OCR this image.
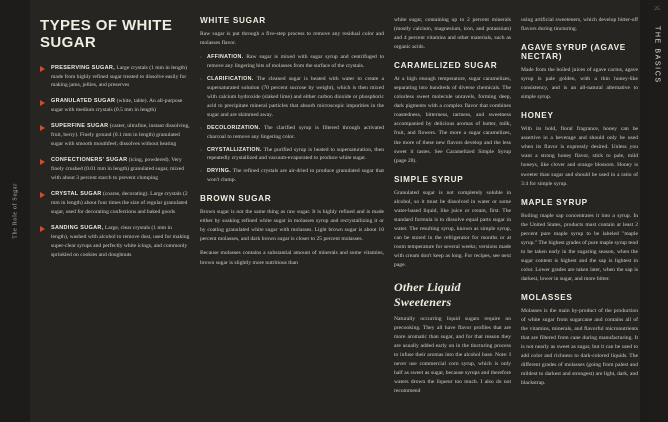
The Role of Sugar
TYPES OF WHITE SUGAR
PRESERVING SUGAR, Large crystals (1 mm in length) made from highly refined sugar treated to dissolve easily for making jams, jellies, and preserves
GRANULATED SUGAR (white, table). An all-purpose sugar with medium crystals (0.5 mm in length)
SUPERFINE SUGAR (caster, ultrafine, instant dissolving, fruit, berry). Finely ground (0.1 mm in length) granulated sugar with smooth mouthfeel; dissolves without heating
CONFECTIONERS' SUGAR (icing, powdered). Very finely crushed (0.01 mm in length) granulated sugar, mixed with about 3 percent starch to prevent clumping
CRYSTAL SUGAR (coarse, decorating). Large crystals (2 mm in length) about four times the size of regular granulated sugar, used for decorating confections and baked goods
SANDING SUGAR, Large, clear crystals (1 mm in length), washed with alcohol to remove dust, used for making super-clear syrups and perfectly white icings, and commonly sprinkled on cookies and doughnuts
WHITE SUGAR

Raw sugar is put through a five-step process to remove any residual color and molasses flavor.

› AFFINATION. Raw sugar is mixed with sugar syrup and centrifuged to remove any lingering bits of molasses from the surface of the crystals.
› CLARIFICATION. The cleaned sugar is heated with water to create a supersaturated solution (70 percent sucrose by weight), which is then mixed with calcium hydroxide (slaked lime) and either carbon dioxide or phosphoric acid to precipitate mineral particles that absorb microscopic impurities in the sugar and are skimmed away.
› DECOLORIZATION. The clarified syrup is filtered through activated charcoal to remove any lingering color.
› CRYSTALLIZATION. The purified syrup is heated to supersaturation, then repeatedly crystallized and vacuum-evaporated to produce white sugar.
› DRYING. The refined crystals are air-dried to produce granulated sugar that won't clump.
BROWN SUGAR

Brown sugar is not the same thing as raw sugar. It is highly refined and is made either by soaking refined white sugar in molasses syrup and recrystallizing it or by coating granulated white sugar with molasses. Light brown sugar is about 10 percent molasses, and dark brown sugar is closer to 25 percent molasses.

Because molasses contains a substantial amount of minerals and some vitamins, brown sugar is slightly more nutritious than

white sugar, containing up to 2 percent minerals (mostly calcium, magnesium, iron, and potassium) and 4 percent vitamins and other materials, such as organic acids.

CARAMELIZED SUGAR

At a high enough temperature, sugar caramelizes, separating into hundreds of diverse chemicals. The colorless sweet molecule unravels, forming deep, dark pigments with a complex flavor that combines roastedness, bitterness, tartness, and sweetness accompanied by delicious aromas of butter, milk, fruit, and flowers. The more a sugar caramelizes, the more of these new flavors develop and the less sweet it tastes. See Caramelized Simple Syrup (page 28).

SIMPLE SYRUP

Granulated sugar is not completely soluble in alcohol, so it must be dissolved in water or some water-based liquid, like juice or cream, first. The standard formula is to dissolve equal parts sugar in water. The resulting syrup, known as simple syrup, can be stored in the refrigerator for months or at room temperature for several weeks; versions made with cream don't keep as long. For recipes, see next page.

Other Liquid Sweeteners

Naturally occurring liquid sugars require no precooking. They all have flavor profiles that are more aromatic than sugar, and for that reason they are usually added early on in the tincturing process to infuse their aromas into the alcohol base. Note: I never use commercial corn syrup, which is only half as sweet as sugar, because syrups and therefore waters drown the liqueur too much. I also do not recommend

using artificial sweeteners, which develop bitter-off flavors during tincturing.

AGAVE SYRUP (AGAVE NECTAR)

Made from the boiled juices of agave cactus, agave syrup is pale golden, with a thin honey-like consistency, and is an all-natural alternative to simple syrup.

HONEY

With its bold, floral fragrance, honey can be assertive in a beverage and should only be used when its flavor is expressly desired. Unless you want a strong honey flavor, stick to pale, mild honeys, like clover and orange blossom. Honey is sweeter than sugar and should be used in a ratio of 3:4 for simple syrup.

MAPLE SYRUP

Boiling maple sap concentrates it into a syrup. In the United States, products must contain at least 2 percent pure maple syrup to be labeled "maple syrup." The highest grades of pure maple syrup tend to be taken early in the sugaring season, when the sugar content is highest and the sap is lightest in color. Lower grades are taken later, when the sap is darkest, lower in sugar, and more bitter.

MOLASSES

Molasses is the main by-product of the production of white sugar from sugarcane and contains all of the vitamins, minerals, and flavorful micronutrients that are filtered from cane during manufacturing. It is not nearly as sweet as sugar, but it can be used to add color and richness to dark-colored liquids. The different grades of molasses (going from palest and mildest to darkest and strongest) are light, dark, and blackstrap.

25
THE BASICS
